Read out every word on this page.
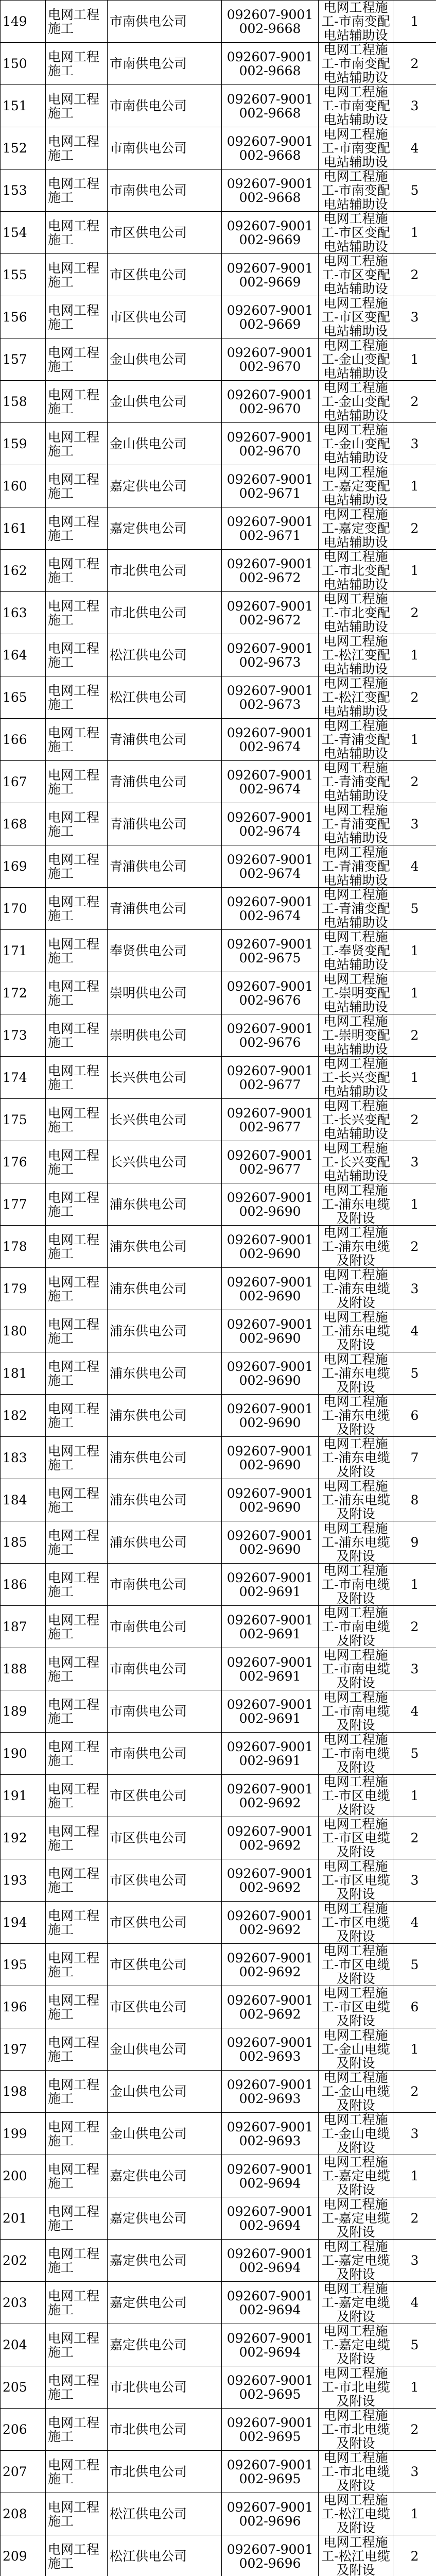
149	电网工程施工	市南供电公司	092607-9001002-9668	电网工程施工-市南变配电站辅助设	1
150	电网工程施工	市南供电公司	092607-9001002-9668	电网工程施工-市南变配电站辅助设	2
151	电网工程施工	市南供电公司	092607-9001002-9668	电网工程施工-市南变配电站辅助设	3
152	电网工程施工	市南供电公司	092607-9001002-9668	电网工程施工-市南变配电站辅助设	4
153	电网工程施工	市南供电公司	092607-9001002-9668	电网工程施工-市南变配电站辅助设	5
154	电网工程施工	市区供电公司	092607-9001002-9669	电网工程施工-市区变配电站辅助设	1
155	电网工程施工	市区供电公司	092607-9001002-9669	电网工程施工-市区变配电站辅助设	2
156	电网工程施工	市区供电公司	092607-9001002-9669	电网工程施工-市区变配电站辅助设	3
157	电网工程施工	金山供电公司	092607-9001002-9670	电网工程施工-金山变配电站辅助设	1
158	电网工程施工	金山供电公司	092607-9001002-9670	电网工程施工-金山变配电站辅助设	2
159	电网工程施工	金山供电公司	092607-9001002-9670	电网工程施工-金山变配电站辅助设	3
160	电网工程施工	嘉定供电公司	092607-9001002-9671	电网工程施工-嘉定变配电站辅助设	1
161	电网工程施工	嘉定供电公司	092607-9001002-9671	电网工程施工-嘉定变配电站辅助设	2
162	电网工程施工	市北供电公司	092607-9001002-9672	电网工程施工-市北变配电站辅助设	1
163	电网工程施工	市北供电公司	092607-9001002-9672	电网工程施工-市北变配电站辅助设	2
164	电网工程施工	松江供电公司	092607-9001002-9673	电网工程施工-松江变配电站辅助设	1
165	电网工程施工	松江供电公司	092607-9001002-9673	电网工程施工-松江变配电站辅助设	2
166	电网工程施工	青浦供电公司	092607-9001002-9674	电网工程施工-青浦变配电站辅助设	1
167	电网工程施工	青浦供电公司	092607-9001002-9674	电网工程施工-青浦变配电站辅助设	2
168	电网工程施工	青浦供电公司	092607-9001002-9674	电网工程施工-青浦变配电站辅助设	3
169	电网工程施工	青浦供电公司	092607-9001002-9674	电网工程施工-青浦变配电站辅助设	4
170	电网工程施工	青浦供电公司	092607-9001002-9674	电网工程施工-青浦变配电站辅助设	5
171	电网工程施工	奉贤供电公司	092607-9001002-9675	电网工程施工-奉贤变配电站辅助设	1
172	电网工程施工	崇明供电公司	092607-9001002-9676	电网工程施工-崇明变配电站辅助设	1
173	电网工程施工	崇明供电公司	092607-9001002-9676	电网工程施工-崇明变配电站辅助设	2
174	电网工程施工	长兴供电公司	092607-9001002-9677	电网工程施工-长兴变配电站辅助设	1
175	电网工程施工	长兴供电公司	092607-9001002-9677	电网工程施工-长兴变配电站辅助设	2
176	电网工程施工	长兴供电公司	092607-9001002-9677	电网工程施工-长兴变配电站辅助设	3
177	电网工程施工	浦东供电公司	092607-9001002-9690	电网工程施工-浦东电缆及附设	1
178	电网工程施工	浦东供电公司	092607-9001002-9690	电网工程施工-浦东电缆及附设	2
179	电网工程施工	浦东供电公司	092607-9001002-9690	电网工程施工-浦东电缆及附设	3
180	电网工程施工	浦东供电公司	092607-9001002-9690	电网工程施工-浦东电缆及附设	4
181	电网工程施工	浦东供电公司	092607-9001002-9690	电网工程施工-浦东电缆及附设	5
182	电网工程施工	浦东供电公司	092607-9001002-9690	电网工程施工-浦东电缆及附设	6
183	电网工程施工	浦东供电公司	092607-9001002-9690	电网工程施工-浦东电缆及附设	7
184	电网工程施工	浦东供电公司	092607-9001002-9690	电网工程施工-浦东电缆及附设	8
185	电网工程施工	浦东供电公司	092607-9001002-9690	电网工程施工-浦东电缆及附设	9
186	电网工程施工	市南供电公司	092607-9001002-9691	电网工程施工-市南电缆及附设	1
187	电网工程施工	市南供电公司	092607-9001002-9691	电网工程施工-市南电缆及附设	2
188	电网工程施工	市南供电公司	092607-9001002-9691	电网工程施工-市南电缆及附设	3
189	电网工程施工	市南供电公司	092607-9001002-9691	电网工程施工-市南电缆及附设	4
190	电网工程施工	市南供电公司	092607-9001002-9691	电网工程施工-市南电缆及附设	5
191	电网工程施工	市区供电公司	092607-9001002-9692	电网工程施工-市区电缆及附设	1
192	电网工程施工	市区供电公司	092607-9001002-9692	电网工程施工-市区电缆及附设	2
193	电网工程施工	市区供电公司	092607-9001002-9692	电网工程施工-市区电缆及附设	3
194	电网工程施工	市区供电公司	092607-9001002-9692	电网工程施工-市区电缆及附设	4
195	电网工程施工	市区供电公司	092607-9001002-9692	电网工程施工-市区电缆及附设	5
196	电网工程施工	市区供电公司	092607-9001002-9692	电网工程施工-市区电缆及附设	6
197	电网工程施工	金山供电公司	092607-9001002-9693	电网工程施工-金山电缆及附设	1
198	电网工程施工	金山供电公司	092607-9001002-9693	电网工程施工-金山电缆及附设	2
199	电网工程施工	金山供电公司	092607-9001002-9693	电网工程施工-金山电缆及附设	3
200	电网工程施工	嘉定供电公司	092607-9001002-9694	电网工程施工-嘉定电缆及附设	1
201	电网工程施工	嘉定供电公司	092607-9001002-9694	电网工程施工-嘉定电缆及附设	2
202	电网工程施工	嘉定供电公司	092607-9001002-9694	电网工程施工-嘉定电缆及附设	3
203	电网工程施工	嘉定供电公司	092607-9001002-9694	电网工程施工-嘉定电缆及附设	4
204	电网工程施工	嘉定供电公司	092607-9001002-9694	电网工程施工-嘉定电缆及附设	5
205	电网工程施工	市北供电公司	092607-9001002-9695	电网工程施工-市北电缆及附设	1
206	电网工程施工	市北供电公司	092607-9001002-9695	电网工程施工-市北电缆及附设	2
207	电网工程施工	市北供电公司	092607-9001002-9695	电网工程施工-市北电缆及附设	3
208	电网工程施工	松江供电公司	092607-9001002-9696	电网工程施工-松江电缆及附设	1
209	电网工程施工	松江供电公司	092607-9001002-9696	电网工程施工-松江电缆及附设	2
